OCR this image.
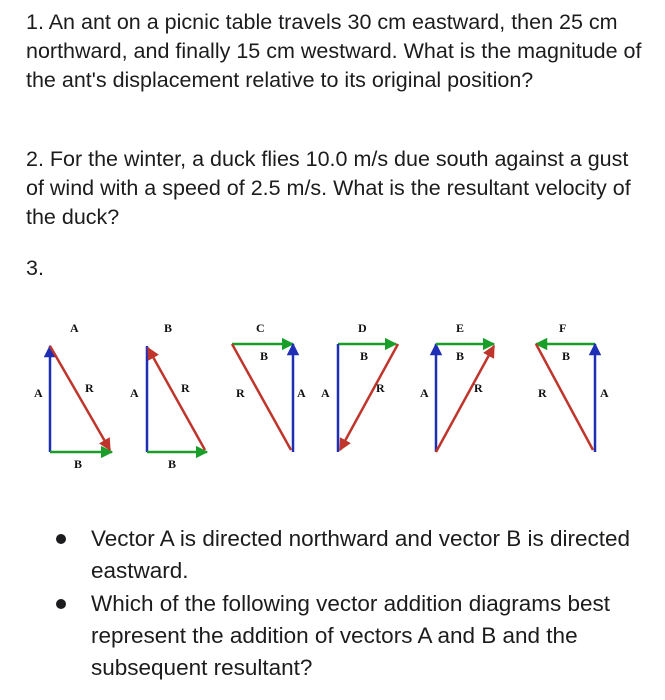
1. An ant on a picnic table travels 30 cm eastward, then 25 cm northward, and finally 15 cm westward. What is the magnitude of the ant's displacement relative to its original position?

2. For the winter, a duck flies 10.0 m/s due south against a gust of wind with a speed of 2.5 m/s. What is the resultant velocity of the duck?

3.

A
A	R
B
B
A	R
B
C
B
R	A
D
B
A	R
E
B
A	R
F
B
R	A
Vector A is directed northward and vector B is directed eastward.
Which of the following vector addition diagrams best represent the addition of vectors A and B and the subsequent resultant?
